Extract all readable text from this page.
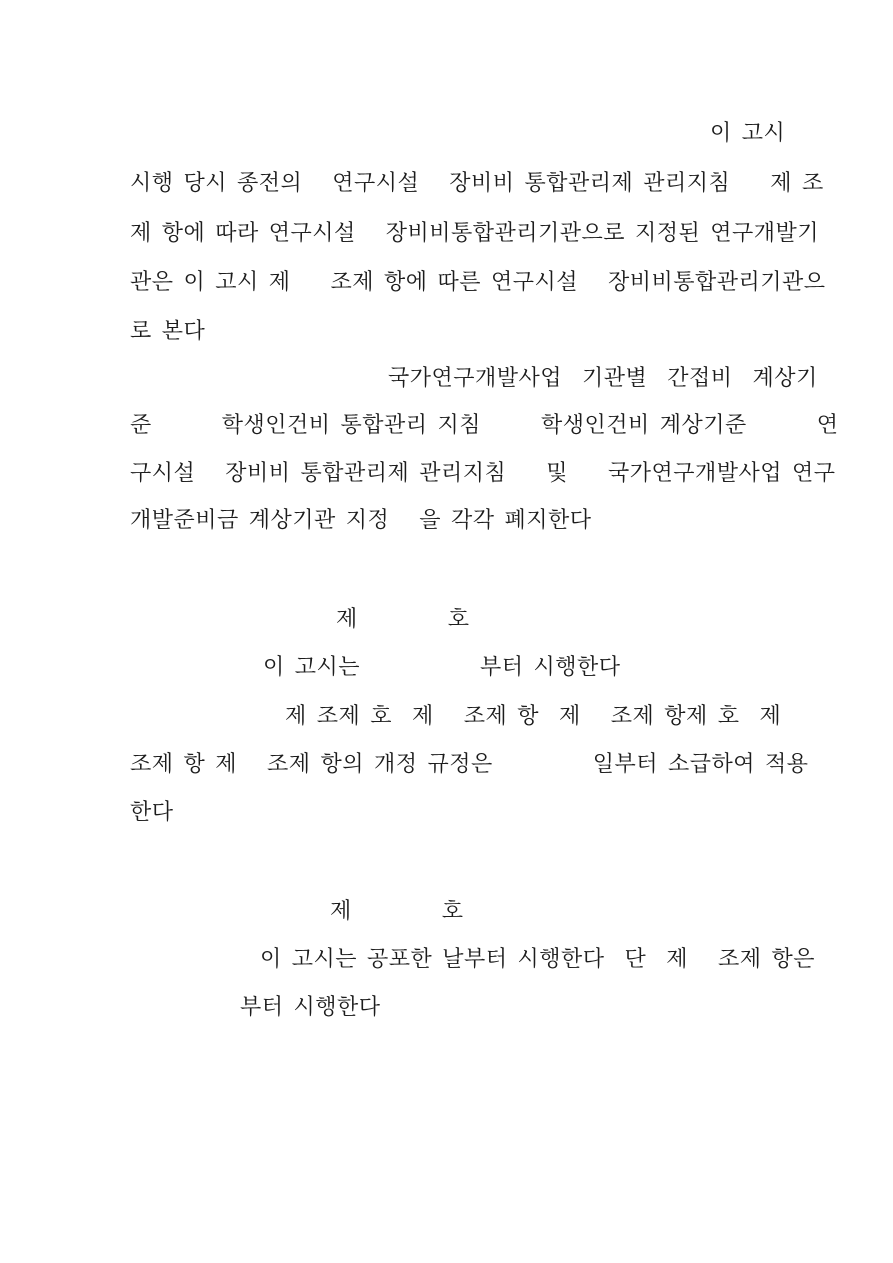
이 고시
시행 당시 종전의   연구시설   장비비 통합관리제 관리지침    제 조
제 항에 따라 연구시설   장비비통합관리기관으로 지정된 연구개발기
관은 이 고시 제    조제 항에 따른 연구시설   장비비통합관리기관으
로 본다
국가연구개발사업  기관별  간접비  계상기
준       학생인건비 통합관리 지침      학생인건비 계상기준       연
구시설   장비비 통합관리제 관리지침    및    국가연구개발사업 연구
개발준비금 계상기관 지정   을 각각 폐지한다
제         호
이 고시는            부터 시행한다
제 조제 호  제   조제 항  제   조제 항제 호  제
조제 항 제   조제 항의 개정 규정은          일부터 소급하여 적용
한다
제         호
이 고시는 공포한 날부터 시행한다  단  제   조제 항은
부터 시행한다
